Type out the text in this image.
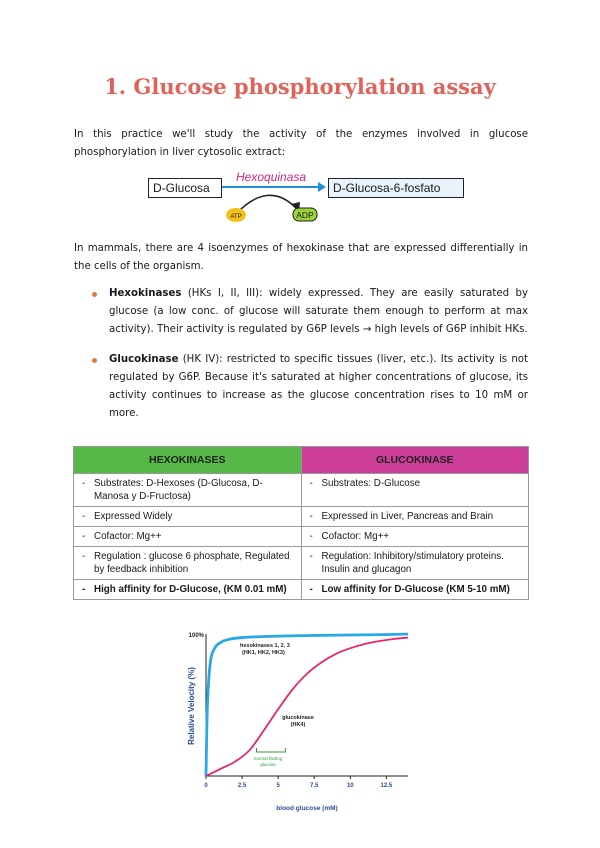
1. Glucose phosphorylation assay
In this practice we'll study the activity of the enzymes involved in glucose phosphorylation in liver cytosolic extract:
D-Glucosa
Hexoquinasa
ATP	ADP
D-Glucosa-6-fosfato
In mammals, there are 4 isoenzymes of hexokinase that are expressed differentially in the cells of the organism.
Hexokinases (HKs I, II, III): widely expressed. They are easily saturated by glucose (a low conc. of glucose will saturate them enough to perform at max activity). Their activity is regulated by G6P levels → high levels of G6P inhibit HKs.
Glucokinase (HK IV): restricted to specific tissues (liver, etc.). Its activity is not regulated by G6P. Because it's saturated at higher concentrations of glucose, its activity continues to increase as the glucose concentration rises to 10 mM or more.
HEXOKINASES	GLUCOKINASE

- Substrates: D-Hexoses (D-Glucosa, D-Manosa y D-Fructosa)	- Substrates: D-Glucose

- Expressed Widely	- Expressed in Liver, Pancreas and Brain

- Cofactor: Mg++	- Cofactor: Mg++

- Regulation : glucose 6 phosphate, Regulated by feedback inhibition	- Regulation: Inhibitory/stimulatory proteins. Insulin and glucagon

- High affinity for D-Glucose, (KM 0.01 mM)	- Low affinity for D-Glucose (KM 5-10 mM)
100%
Relative Velocity (%)
blood glucose (mM)
0	2.5	5	7.5	10	12.5
hexokinases 1, 2, 3
(HK1, HK2, HK3)
glucokinase
(HK4)
normal fasting
glucose
